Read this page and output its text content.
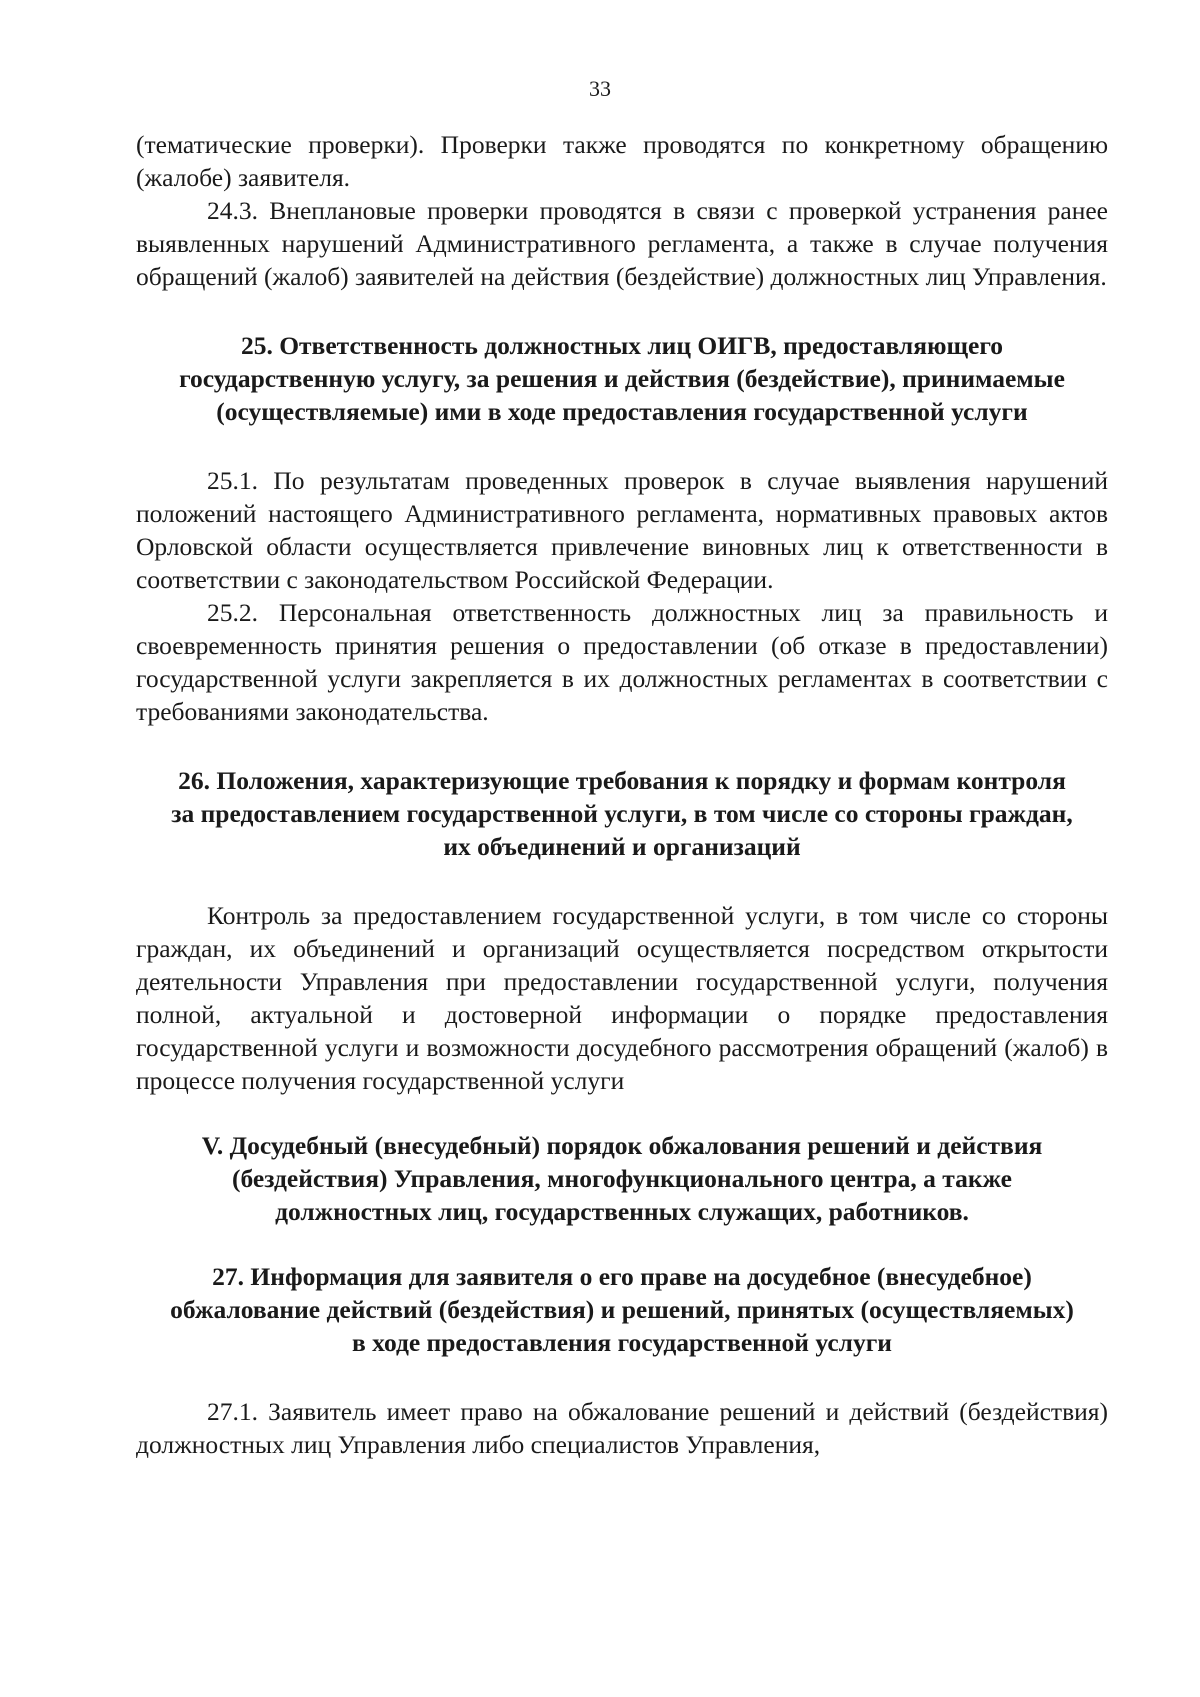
33

(тематические проверки). Проверки также проводятся по конкретному обращению (жалобе) заявителя.

24.3. Внеплановые проверки проводятся в связи с проверкой устранения ранее выявленных нарушений Административного регламента, а также в случае получения обращений (жалоб) заявителей на действия (бездействие) должностных лиц Управления.

25. Ответственность должностных лиц ОИГВ, предоставляющего государственную услугу, за решения и действия (бездействие), принимаемые (осуществляемые) ими в ходе предоставления государственной услуги

25.1. По результатам проведенных проверок в случае выявления нарушений положений настоящего Административного регламента, нормативных правовых актов Орловской области осуществляется привлечение виновных лиц к ответственности в соответствии с законодательством Российской Федерации.

25.2. Персональная ответственность должностных лиц за правильность и своевременность принятия решения о предоставлении (об отказе в предоставлении) государственной услуги закрепляется в их должностных регламентах в соответствии с требованиями законодательства.

26. Положения, характеризующие требования к порядку и формам контроля за предоставлением государственной услуги, в том числе со стороны граждан, их объединений и организаций

Контроль за предоставлением государственной услуги, в том числе со стороны граждан, их объединений и организаций осуществляется посредством открытости деятельности Управления при предоставлении государственной услуги, получения полной, актуальной и достоверной информации о порядке предоставления государственной услуги и возможности досудебного рассмотрения обращений (жалоб) в процессе получения государственной услуги

V. Досудебный (внесудебный) порядок обжалования решений и действия (бездействия) Управления, многофункционального центра, а также должностных лиц, государственных служащих, работников.

27. Информация для заявителя о его праве на досудебное (внесудебное) обжалование действий (бездействия) и решений, принятых (осуществляемых) в ходе предоставления государственной услуги

27.1. Заявитель имеет право на обжалование решений и действий (бездействия) должностных лиц Управления либо специалистов Управления,
